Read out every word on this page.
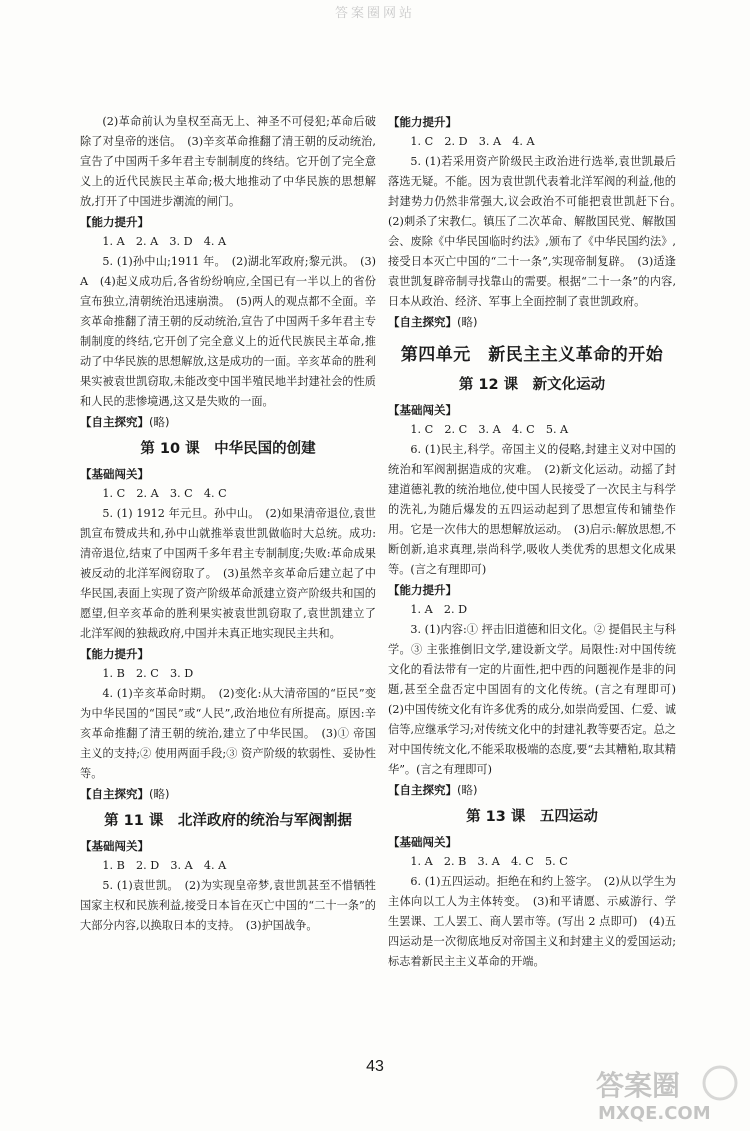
答案圈网站

(2)革命前认为皇权至高无上、神圣不可侵犯;革命后破除了对皇帝的迷信。　(3)辛亥革命推翻了清王朝的反动统治,宣告了中国两千多年君主专制制度的终结。它开创了完全意义上的近代民族民主革命;极大地推动了中华民族的思想解放,打开了中国进步潮流的闸门。

【能力提升】

1. A　2. A　3. D　4. A

5. (1)孙中山;1911 年。　(2)湖北军政府;黎元洪。　(3) A　(4)起义成功后,各省纷纷响应,全国已有一半以上的省份宣布独立,清朝统治迅速崩溃。　(5)两人的观点都不全面。辛亥革命推翻了清王朝的反动统治,宣告了中国两千多年君主专制制度的终结,它开创了完全意义上的近代民族民主革命,推动了中华民族的思想解放,这是成功的一面。辛亥革命的胜利果实被袁世凯窃取,未能改变中国半殖民地半封建社会的性质和人民的悲惨境遇,这又是失败的一面。

【自主探究】(略)
第 10 课　中华民国的创建
【基础闯关】

1. C　2. A　3. C　4. C

5. (1) 1912 年元旦。孙中山。　(2)如果清帝退位,袁世凯宣布赞成共和,孙中山就推举袁世凯做临时大总统。成功:清帝退位,结束了中国两千多年君主专制制度;失败:革命成果被反动的北洋军阀窃取了。　(3)虽然辛亥革命后建立起了中华民国,表面上实现了资产阶级革命派建立资产阶级共和国的愿望,但辛亥革命的胜利果实被袁世凯窃取了,袁世凯建立了北洋军阀的独裁政府,中国并未真正地实现民主共和。

【能力提升】

1. B　2. C　3. D

4. (1)辛亥革命时期。　(2)变化:从大清帝国的“臣民”变为中华民国的“国民”或“人民”,政治地位有所提高。原因:辛亥革命推翻了清王朝的统治,建立了中华民国。　(3)① 帝国主义的支持;② 使用两面手段;③ 资产阶级的软弱性、妥协性等。

【自主探究】(略)
第 11 课　北洋政府的统治与军阀割据
【基础闯关】

1. B　2. D　3. A　4. A

5. (1)袁世凯。　(2)为实现皇帝梦,袁世凯甚至不惜牺牲国家主权和民族利益,接受日本旨在灭亡中国的“二十一条”的大部分内容,以换取日本的支持。　(3)护国战争。

【能力提升】

1. C　2. D　3. A　4. A

5. (1)若采用资产阶级民主政治进行选举,袁世凯最后落选无疑。不能。因为袁世凯代表着北洋军阀的利益,他的封建势力仍然非常强大,议会政治不可能把袁世凯赶下台。　(2)刺杀了宋教仁。镇压了二次革命、解散国民党、解散国会、废除《中华民国临时约法》,颁布了《中华民国约法》,接受日本灭亡中国的“二十一条”,实现帝制复辟。　(3)适逢袁世凯复辟帝制寻找靠山的需要。根据“二十一条”的内容,日本从政治、经济、军事上全面控制了袁世凯政府。

【自主探究】(略)
第四单元　新民主主义革命的开始
第 12 课　新文化运动
【基础闯关】

1. C　2. C　3. A　4. C　5. A

6. (1)民主,科学。帝国主义的侵略,封建主义对中国的统治和军阀割据造成的灾难。　(2)新文化运动。动摇了封建道德礼教的统治地位,使中国人民接受了一次民主与科学的洗礼,为随后爆发的五四运动起到了思想宣传和铺垫作用。它是一次伟大的思想解放运动。　(3)启示:解放思想,不断创新,追求真理,崇尚科学,吸收人类优秀的思想文化成果等。(言之有理即可)

【能力提升】

1. A　2. D

3. (1)内容:① 抨击旧道德和旧文化。② 提倡民主与科学。③ 主张推倒旧文学,建设新文学。局限性:对中国传统文化的看法带有一定的片面性,把中西的问题视作是非的问题,甚至全盘否定中国固有的文化传统。(言之有理即可)　(2)中国传统文化有许多优秀的成分,如崇尚爱国、仁爱、诚信等,应继承学习;对传统文化中的封建礼教等要否定。总之对中国传统文化,不能采取极端的态度,要“去其糟粕,取其精华”。(言之有理即可)

【自主探究】(略)
第 13 课　五四运动
【基础闯关】

1. A　2. B　3. A　4. C　5. C

6. (1)五四运动。拒绝在和约上签字。　(2)从以学生为主体向以工人为主体转变。　(3)和平请愿、示威游行、学生罢课、工人罢工、商人罢市等。(写出 2 点即可)　(4)五四运动是一次彻底地反对帝国主义和封建主义的爱国运动;标志着新民主主义革命的开端。

43
答案圈
MXQE.COM
